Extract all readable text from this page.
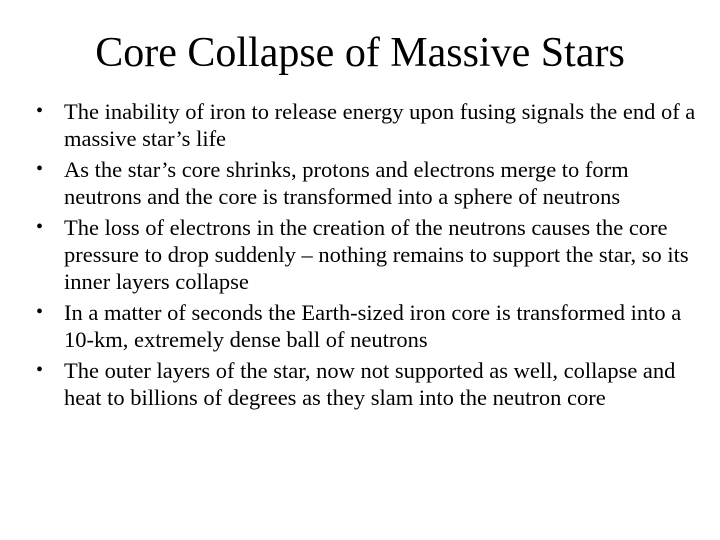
Core Collapse of Massive Stars
• The inability of iron to release energy upon fusing signals the end of a massive star’s life
• As the star’s core shrinks, protons and electrons merge to form neutrons and the core is transformed into a sphere of neutrons
• The loss of electrons in the creation of the neutrons causes the core pressure to drop suddenly – nothing remains to support the star, so its inner layers collapse
• In a matter of seconds the Earth-sized iron core is transformed into a 10-km, extremely dense ball of neutrons
• The outer layers of the star, now not supported as well, collapse and heat to billions of degrees as they slam into the neutron core
